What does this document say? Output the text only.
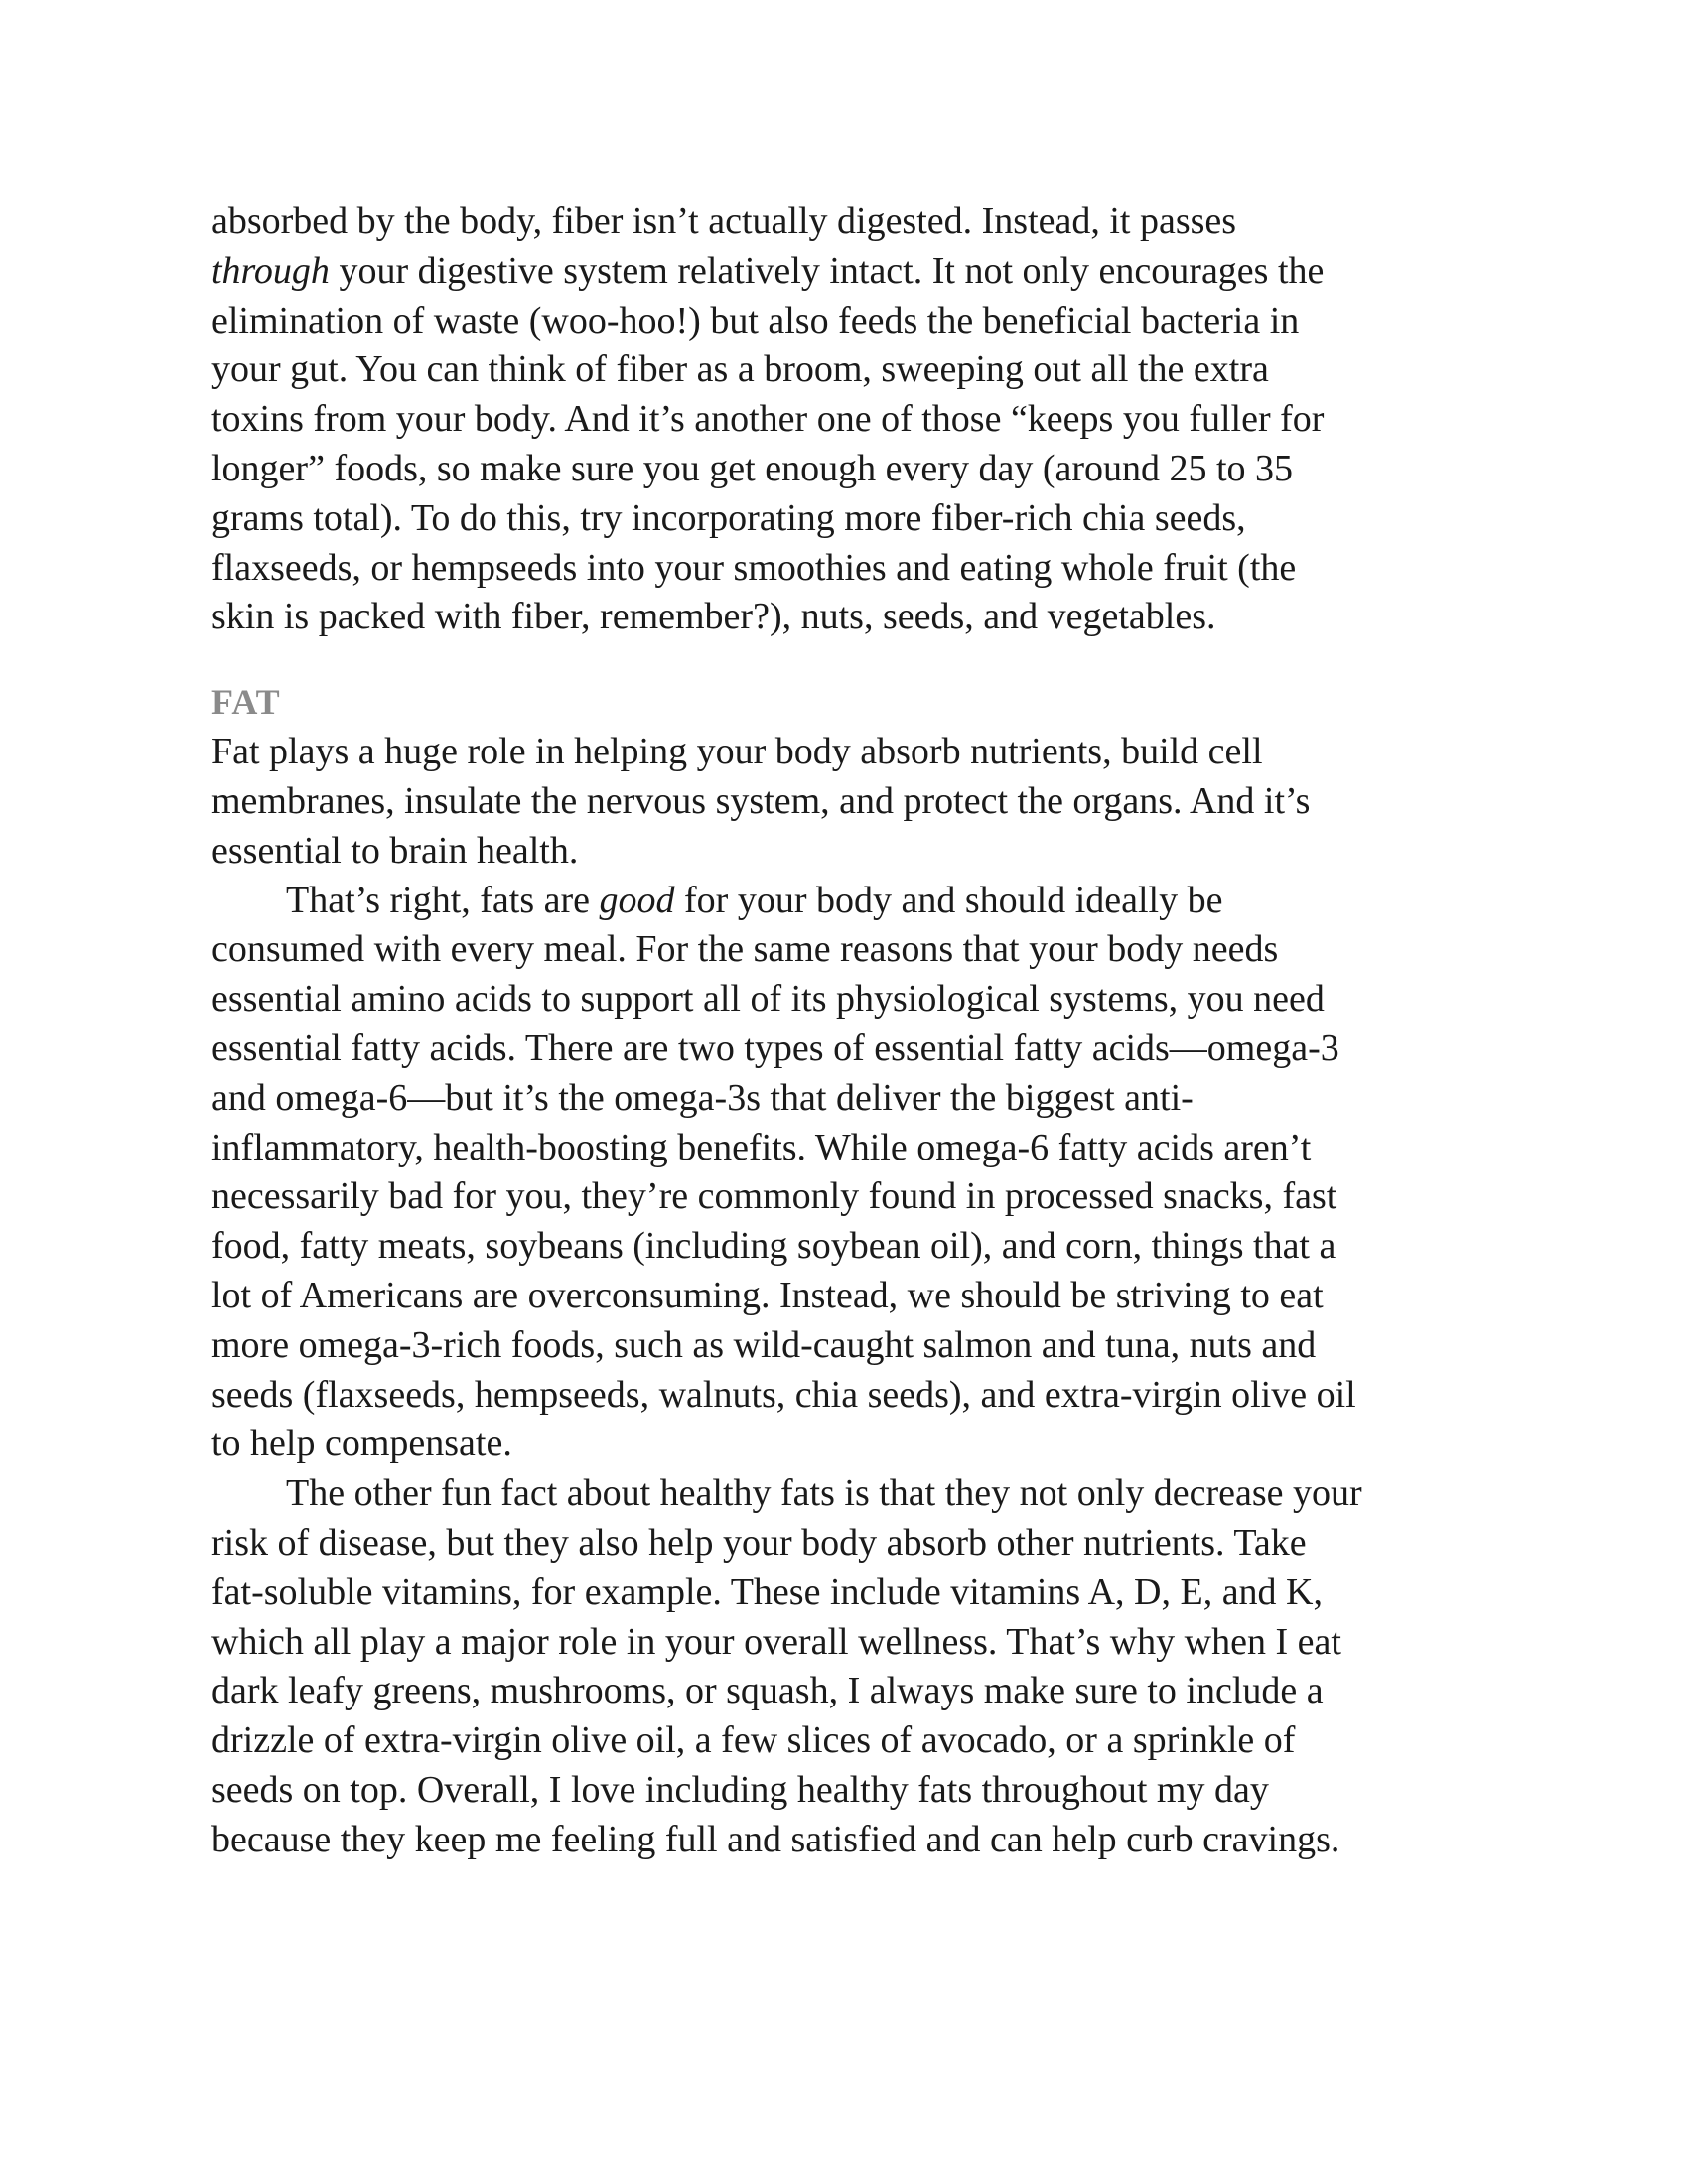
absorbed by the body, fiber isn’t actually digested. Instead, it passes
through your digestive system relatively intact. It not only encourages the
elimination of waste (woo-hoo!) but also feeds the beneficial bacteria in
your gut. You can think of fiber as a broom, sweeping out all the extra
toxins from your body. And it’s another one of those “keeps you fuller for
longer” foods, so make sure you get enough every day (around 25 to 35
grams total). To do this, try incorporating more fiber-rich chia seeds,
flaxseeds, or hempseeds into your smoothies and eating whole fruit (the
skin is packed with fiber, remember?), nuts, seeds, and vegetables.
FAT
Fat plays a huge role in helping your body absorb nutrients, build cell
membranes, insulate the nervous system, and protect the organs. And it’s
essential to brain health.
That’s right, fats are good for your body and should ideally be
consumed with every meal. For the same reasons that your body needs
essential amino acids to support all of its physiological systems, you need
essential fatty acids. There are two types of essential fatty acids—omega-3
and omega-6—but it’s the omega-3s that deliver the biggest anti-
inflammatory, health-boosting benefits. While omega-6 fatty acids aren’t
necessarily bad for you, they’re commonly found in processed snacks, fast
food, fatty meats, soybeans (including soybean oil), and corn, things that a
lot of Americans are overconsuming. Instead, we should be striving to eat
more omega-3-rich foods, such as wild-caught salmon and tuna, nuts and
seeds (flaxseeds, hempseeds, walnuts, chia seeds), and extra-virgin olive oil
to help compensate.
The other fun fact about healthy fats is that they not only decrease your
risk of disease, but they also help your body absorb other nutrients. Take
fat-soluble vitamins, for example. These include vitamins A, D, E, and K,
which all play a major role in your overall wellness. That’s why when I eat
dark leafy greens, mushrooms, or squash, I always make sure to include a
drizzle of extra-virgin olive oil, a few slices of avocado, or a sprinkle of
seeds on top. Overall, I love including healthy fats throughout my day
because they keep me feeling full and satisfied and can help curb cravings.
